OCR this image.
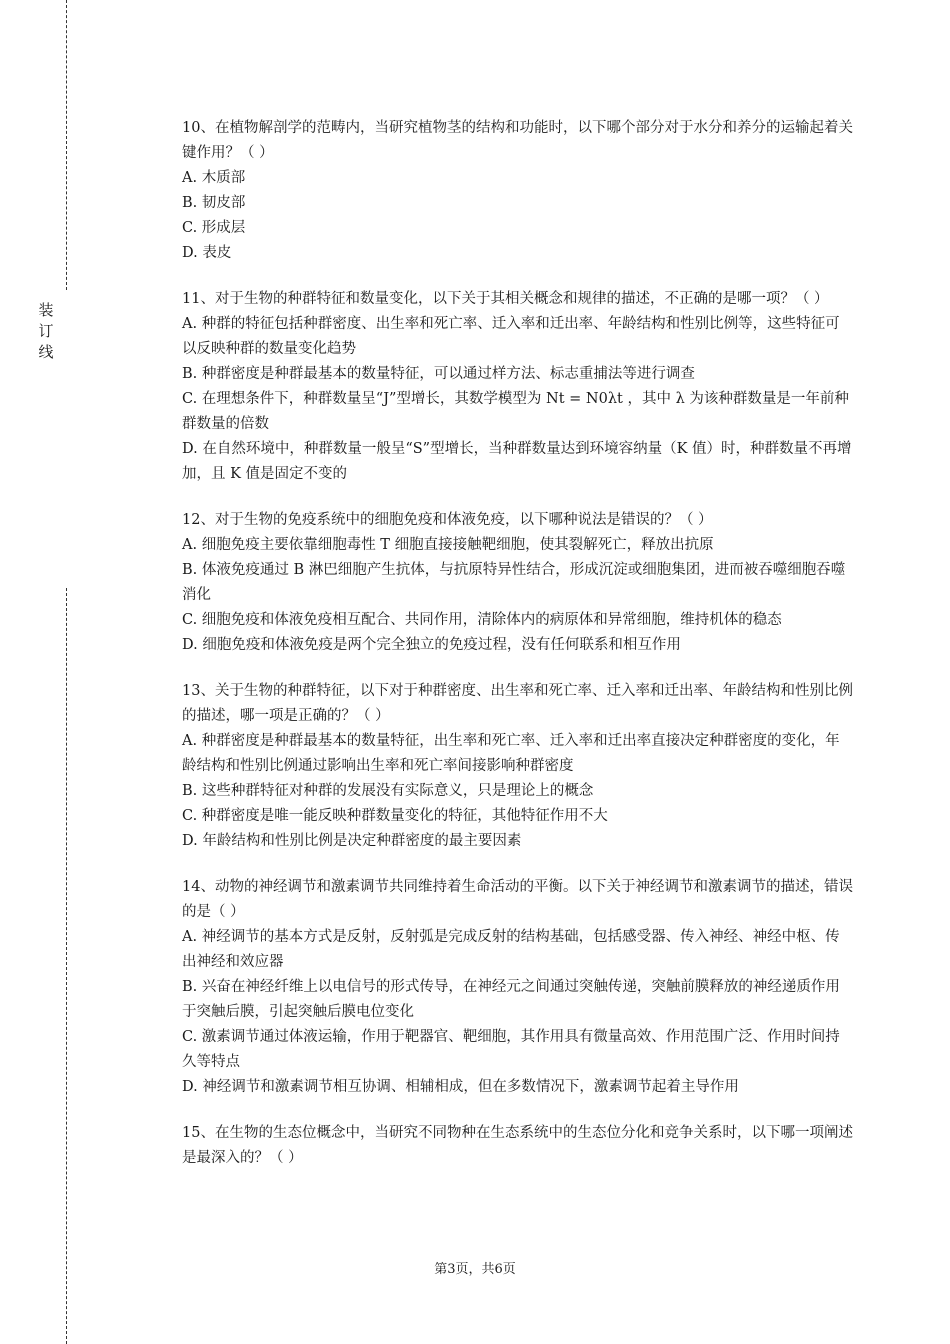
装
订
线

10、在植物解剖学的范畴内，当研究植物茎的结构和功能时，以下哪个部分对于水分和养分的运输起着关键作用？（ ）

A. 木质部

B. 韧皮部

C. 形成层

D. 表皮

11、对于生物的种群特征和数量变化，以下关于其相关概念和规律的描述，不正确的是哪一项？（ ）

A. 种群的特征包括种群密度、出生率和死亡率、迁入率和迁出率、年龄结构和性别比例等，这些特征可以反映种群的数量变化趋势

B. 种群密度是种群最基本的数量特征，可以通过样方法、标志重捕法等进行调查

C. 在理想条件下，种群数量呈“J”型增长，其数学模型为 Nt = N0λt ，其中 λ 为该种群数量是一年前种群数量的倍数

D. 在自然环境中，种群数量一般呈“S”型增长，当种群数量达到环境容纳量（K 值）时，种群数量不再增加，且 K 值是固定不变的

12、对于生物的免疫系统中的细胞免疫和体液免疫，以下哪种说法是错误的？（ ）

A. 细胞免疫主要依靠细胞毒性 T 细胞直接接触靶细胞，使其裂解死亡，释放出抗原

B. 体液免疫通过 B 淋巴细胞产生抗体，与抗原特异性结合，形成沉淀或细胞集团，进而被吞噬细胞吞噬消化

C. 细胞免疫和体液免疫相互配合、共同作用，清除体内的病原体和异常细胞，维持机体的稳态

D. 细胞免疫和体液免疫是两个完全独立的免疫过程，没有任何联系和相互作用

13、关于生物的种群特征，以下对于种群密度、出生率和死亡率、迁入率和迁出率、年龄结构和性别比例的描述，哪一项是正确的？（ ）

A. 种群密度是种群最基本的数量特征，出生率和死亡率、迁入率和迁出率直接决定种群密度的变化，年龄结构和性别比例通过影响出生率和死亡率间接影响种群密度

B. 这些种群特征对种群的发展没有实际意义，只是理论上的概念

C. 种群密度是唯一能反映种群数量变化的特征，其他特征作用不大

D. 年龄结构和性别比例是决定种群密度的最主要因素

14、动物的神经调节和激素调节共同维持着生命活动的平衡。以下关于神经调节和激素调节的描述，错误的是（ ）

A. 神经调节的基本方式是反射，反射弧是完成反射的结构基础，包括感受器、传入神经、神经中枢、传出神经和效应器

B. 兴奋在神经纤维上以电信号的形式传导，在神经元之间通过突触传递，突触前膜释放的神经递质作用于突触后膜，引起突触后膜电位变化

C. 激素调节通过体液运输，作用于靶器官、靶细胞，其作用具有微量高效、作用范围广泛、作用时间持久等特点

D. 神经调节和激素调节相互协调、相辅相成，但在多数情况下，激素调节起着主导作用

15、在生物的生态位概念中，当研究不同物种在生态系统中的生态位分化和竞争关系时，以下哪一项阐述是最深入的？（ ）

第3页，共6页
